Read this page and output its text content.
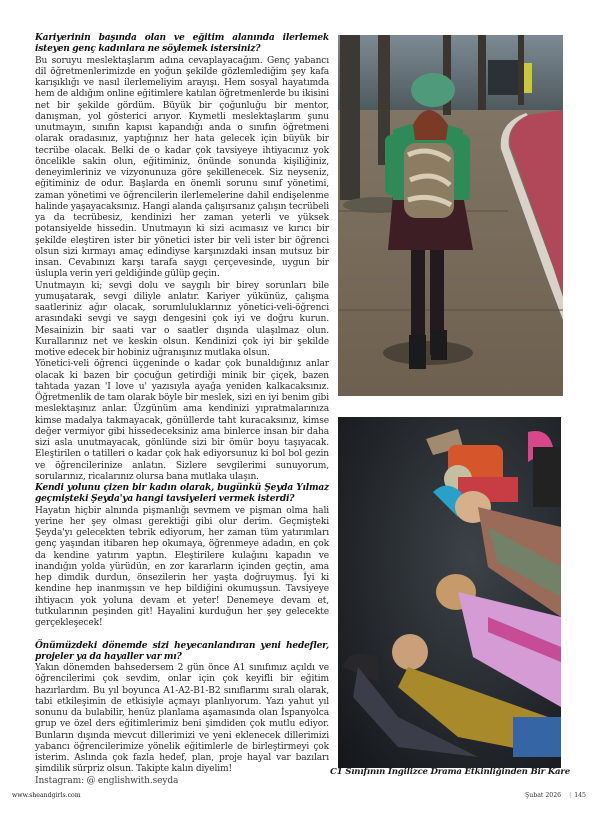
Kariyerinin başında olan ve eğitim alanında ilerlemek isteyen genç kadınlara ne söylemek istersiniz?

Bu soruyu meslektaşlarım adına cevaplayacağım. Genç yabancı dil öğretmenlerimizde en yoğun şekilde gözlemlediğim şey kafa karışıklığı ve nasıl ilerlemeliyim arayışı. Hem sosyal hayatımda hem de aldığım online eğitimlere katılan öğretmenlerde bu ikisini net bir şekilde gördüm. Büyük bir çoğunluğu bir mentor, danışman, yol gösterici arıyor. Kıymetli meslektaşlarım şunu unutmayın, sınıfın kapısı kapandığı anda o sınıfın öğretmeni olarak oradasınız, yaptığınız her hata gelecek için büyük bir tecrübe olacak. Belki de o kadar çok tavsiyeye ihtiyacınız yok öncelikle sakin olun, eğitiminiz, önünde sonunda kişiliğiniz, deneyimleriniz ve vizyonunuza göre şekillenecek. Siz neyseniz, eğitiminiz de odur. Başlarda en önemli sorunu sınıf yönetimi, zaman yönetimi ve öğrencilerin ilerlemelerine dahil endişelenme halinde yaşayacaksınız. Hangi alanda çalışırsanız çalışın tecrübeli ya da tecrübesiz, kendinizi her zaman yeterli ve yüksek potansiyelde hissedin. Unutmayın ki sizi acımasız ve kırıcı bir şekilde eleştiren ister bir yönetici ister bir veli ister bir öğrenci olsun sizi kırmayı amaç edindiyse karşınızdaki insan mutsuz bir insan. Cevabınızı karşı tarafa saygı çerçevesinde, uygun bir üslupla verin yeri geldiğinde gülüp geçin.

Unutmayın ki; sevgi dolu ve saygılı bir birey sorunları bile yumuşatarak, sevgi diliyle anlatır. Kariyer yükünüz, çalışma saatleriniz ağır olacak, sorumluluklarınız yönetici-veli-öğrenci arasındaki sevgi ve saygı dengesini çok iyi ve doğru kurun. Mesainizin bir saati var o saatler dışında ulaşılmaz olun. Kurallarınız net ve keskin olsun. Kendinizi çok iyi bir şekilde motive edecek bir hobiniz uğranışınız mutlaka olsun.

Yönetici-veli öğrenci üçgeninde o kadar çok bunaldığınız anlar olacak ki bazen bir çocuğun getirdiği minik bir çiçek, bazen tahtada yazan 'I love u' yazısıyla ayağa yeniden kalkacaksınız. Öğretmenlik de tam olarak böyle bir meslek, sizi en iyi benim gibi meslektaşınız anlar. Üzgünüm ama kendinizi yıpratmalarınıza kimse madalya takmayacak, gönüllerde taht kuracaksınız, kimse değer vermiyor gibi hissedeceksiniz ama binlerce insan bir daha sizi asla unutmayacak, gönlünde sizi bir ömür boyu taşıyacak. Eleştirilen o tatilleri o kadar çok hak ediyorsunuz ki bol bol gezin ve öğrencilerinize anlatın. Sizlere sevgilerimi sunuyorum, sorularınız, ricalarınız olursa bana mutlaka ulaşın.

Kendi yolunu çizen bir kadın olarak, bugünkü Şeyda Yılmaz geçmişteki Şeyda'ya hangi tavsiyeleri vermek isterdi?

Hayatın hiçbir alnında pişmanlığı sevmem ve pişman olma hali yerine her şey olması gerektiği gibi olur derim. Geçmişteki Şeyda'yı gelecekten tebrik ediyorum, her zaman tüm yatırımları genç yaşından itibaren hep okumaya, öğrenmeye adadın, en çok da kendine yatırım yaptın. Eleştirilere kulağını kapadın ve inandığın yolda yürüdün, en zor kararların içinden geçtin, ama hep dimdik durdun, önsezilerin her yaşta doğruymuş. İyi ki kendine hep inanmışsın ve hep bildiğini okumuşsun. Tavsiyeye ihtiyacın yok yoluna devam et yeter! Denemeye devam et, tutkularının peşinden git! Hayalini kurduğun her şey gelecekte gerçekleşecek!

Önümüzdeki dönemde sizi heyecanlandıran yeni hedefler, projeler ya da hayaller var mı?

Yakın dönemden bahsedersem 2 gün önce A1 sınıfımız açıldı ve öğrencilerimi çok sevdim, onlar için çok keyifli bir eğitim hazırlardım. Bu yıl boyunca A1-A2-B1-B2 sınıflarımı sıralı olarak, tabi etkileşimin de etkisiyle açmayı planlıyorum. Yazı yahut yıl sonunu da bulabilir, henüz planlama aşamasında olan İspanyolca grup ve özel ders eğitimlerimiz beni şimdiden çok mutlu ediyor. Bunların dışında mevcut dillerimizi ve yeni eklenecek dillerimizi yabancı öğrencilerimize yönelik eğitimlerle de birleştirmeyi çok isterim. Aslında çok fazla hedef, plan, proje hayal var bazıları şimdilik sürpriz olsun. Takipte kalın diyelim!

Instagram: @ englishwith.seyda

C1 Sınıfının İngilizce Drama Etkinliğinden Bir Kare
www.sheandgirls.com	Şubat 2026 | 145
